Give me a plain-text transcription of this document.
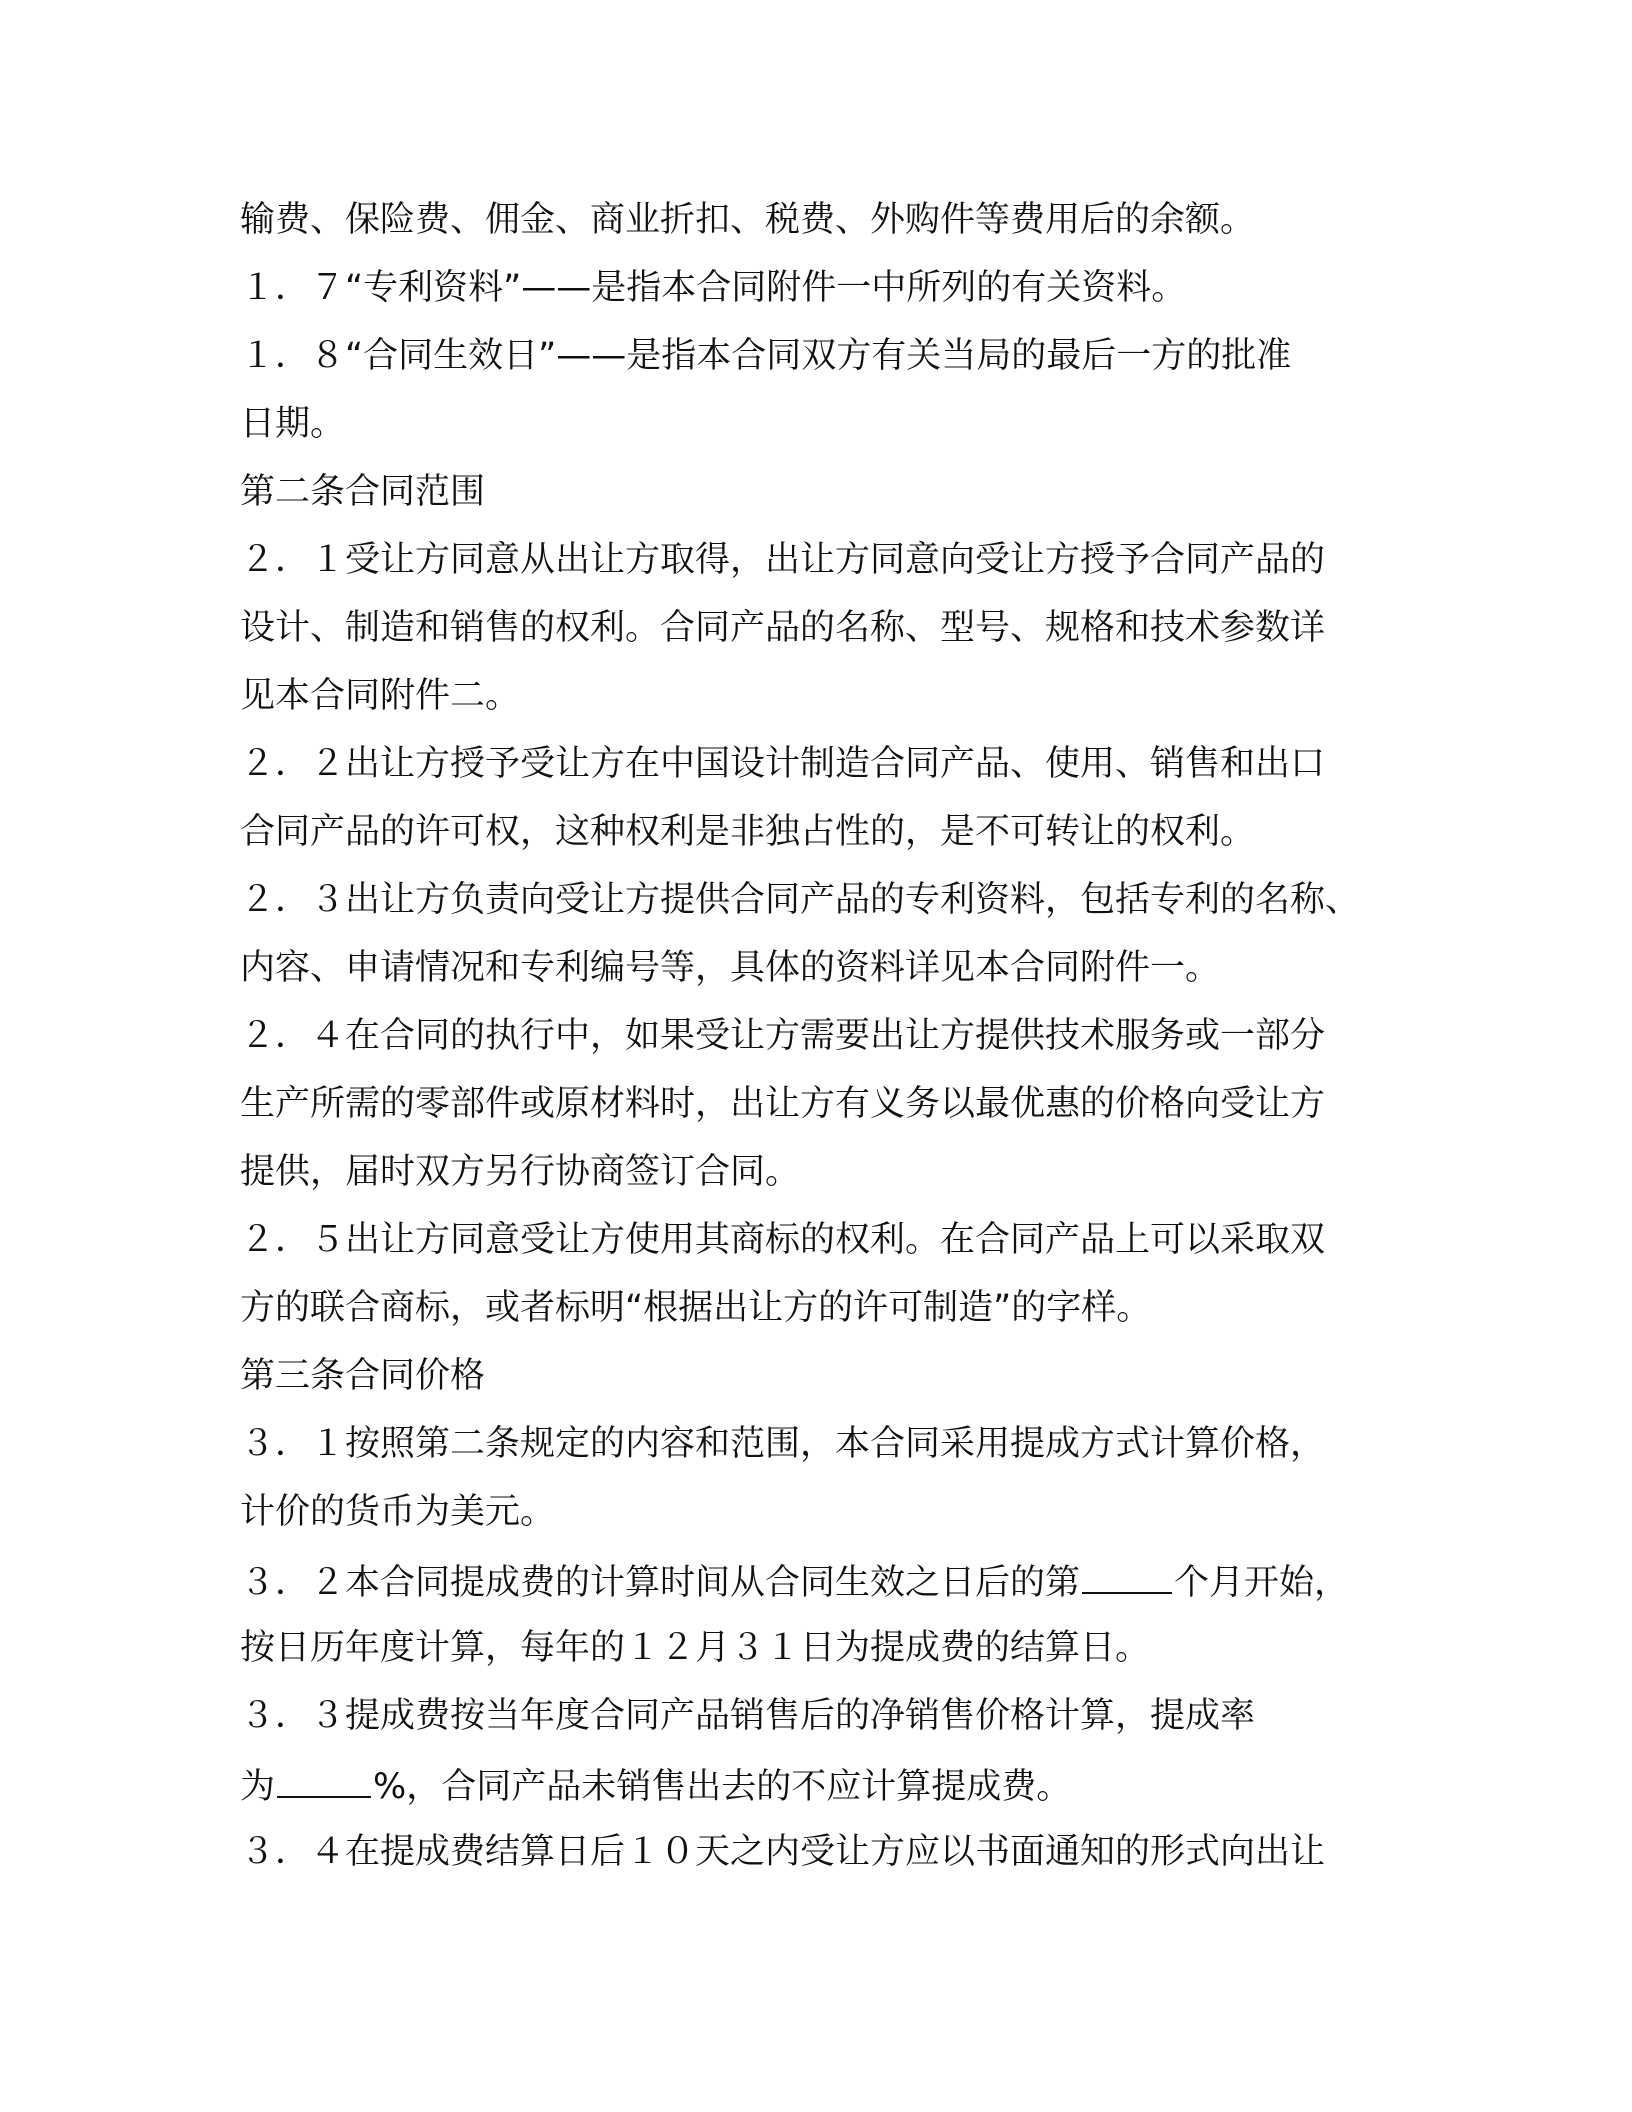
输费、保险费、佣金、商业折扣、税费、外购件等费用后的余额。
１．７“专利资料”——是指本合同附件一中所列的有关资料。
１．８“合同生效日”——是指本合同双方有关当局的最后一方的批准
日期。
第二条合同范围
２．１受让方同意从出让方取得，出让方同意向受让方授予合同产品的
设计、制造和销售的权利。合同产品的名称、型号、规格和技术参数详
见本合同附件二。
２．２出让方授予受让方在中国设计制造合同产品、使用、销售和出口
合同产品的许可权，这种权利是非独占性的，是不可转让的权利。
２．３出让方负责向受让方提供合同产品的专利资料，包括专利的名称、
内容、申请情况和专利编号等，具体的资料详见本合同附件一。
２．４在合同的执行中，如果受让方需要出让方提供技术服务或一部分
生产所需的零部件或原材料时，出让方有义务以最优惠的价格向受让方
提供，届时双方另行协商签订合同。
２．５出让方同意受让方使用其商标的权利。在合同产品上可以采取双
方的联合商标，或者标明“根据出让方的许可制造”的字样。
第三条合同价格
３．１按照第二条规定的内容和范围，本合同采用提成方式计算价格，
计价的货币为美元。
３．２本合同提成费的计算时间从合同生效之日后的第	个月开始，
按日历年度计算，每年的１２月３１日为提成费的结算日。
３．３提成费按当年度合同产品销售后的净销售价格计算，提成率
为	%，合同产品未销售出去的不应计算提成费。
３．４在提成费结算日后１０天之内受让方应以书面通知的形式向出让
